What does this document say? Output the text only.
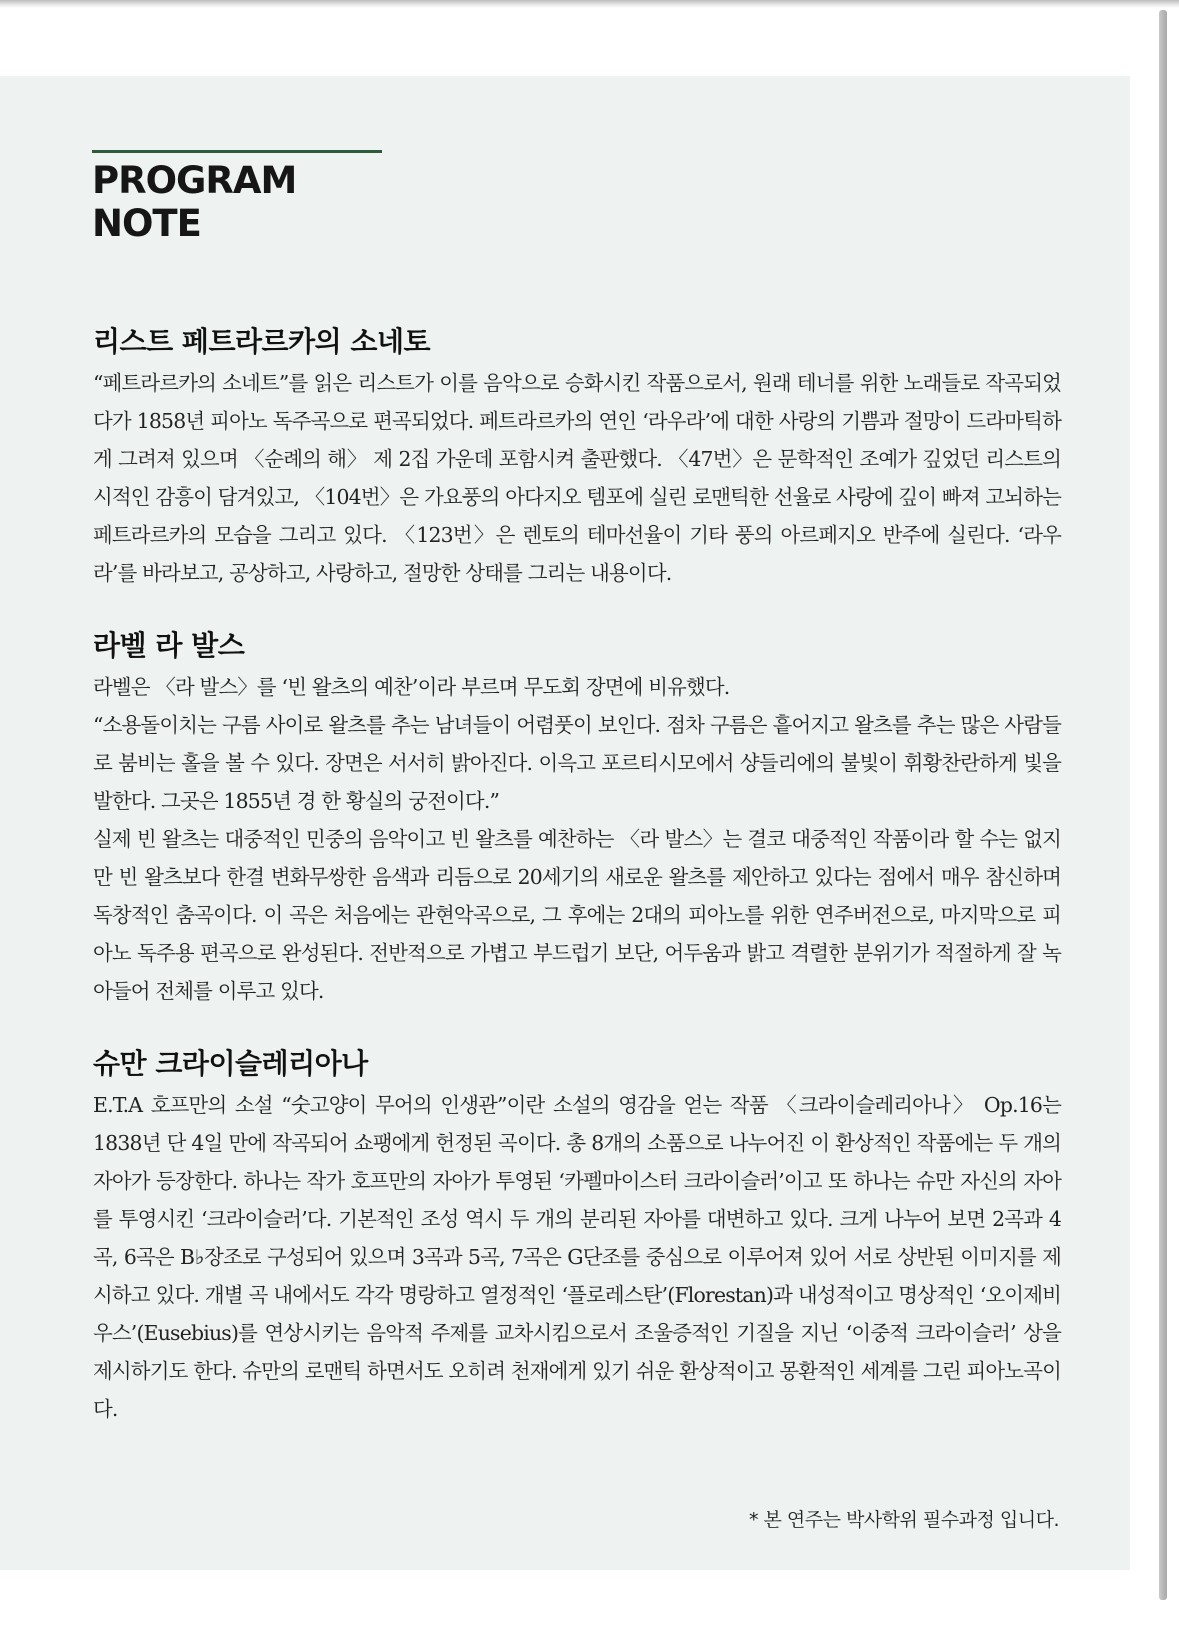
PROGRAM NOTE
리스트 페트라르카의 소네토

“페트라르카의 소네트”를 읽은 리스트가 이를 음악으로 승화시킨 작품으로서, 원래 테너를 위한 노래들로 작곡되었다가 1858년 피아노 독주곡으로 편곡되었다. 페트라르카의 연인 ‘라우라’에 대한 사랑의 기쁨과 절망이 드라마틱하게 그려져 있으며 〈순례의 해〉 제 2집 가운데 포함시켜 출판했다. 〈47번〉은 문학적인 조예가 깊었던 리스트의 시적인 감흥이 담겨있고, 〈104번〉은 가요풍의 아다지오 템포에 실린 로맨틱한 선율로 사랑에 깊이 빠져 고뇌하는 페트라르카의 모습을 그리고 있다. 〈123번〉은 렌토의 테마선율이 기타 풍의 아르페지오 반주에 실린다. ‘라우라’를 바라보고, 공상하고, 사랑하고, 절망한 상태를 그리는 내용이다.

라벨 라 발스

라벨은 〈라 발스〉를 ‘빈 왈츠의 예찬’이라 부르며 무도회 장면에 비유했다.

“소용돌이치는 구름 사이로 왈츠를 추는 남녀들이 어렴풋이 보인다. 점차 구름은 흩어지고 왈츠를 추는 많은 사람들로 붐비는 홀을 볼 수 있다. 장면은 서서히 밝아진다. 이윽고 포르티시모에서 샹들리에의 불빛이 휘황찬란하게 빛을 발한다. 그곳은 1855년 경 한 황실의 궁전이다.”

실제 빈 왈츠는 대중적인 민중의 음악이고 빈 왈츠를 예찬하는 〈라 발스〉는 결코 대중적인 작품이라 할 수는 없지만 빈 왈츠보다 한결 변화무쌍한 음색과 리듬으로 20세기의 새로운 왈츠를 제안하고 있다는 점에서 매우 참신하며 독창적인 춤곡이다. 이 곡은 처음에는 관현악곡으로, 그 후에는 2대의 피아노를 위한 연주버전으로, 마지막으로 피아노 독주용 편곡으로 완성된다. 전반적으로 가볍고 부드럽기 보단, 어두움과 밝고 격렬한 분위기가 적절하게 잘 녹아들어 전체를 이루고 있다.

슈만 크라이슬레리아나

E.T.A 호프만의 소설 “숫고양이 무어의 인생관”이란 소설의 영감을 얻는 작품 〈크라이슬레리아나〉 Op.16는 1838년 단 4일 만에 작곡되어 쇼팽에게 헌정된 곡이다. 총 8개의 소품으로 나누어진 이 환상적인 작품에는 두 개의 자아가 등장한다. 하나는 작가 호프만의 자아가 투영된 ‘카펠마이스터 크라이슬러’이고 또 하나는 슈만 자신의 자아를 투영시킨 ‘크라이슬러’다. 기본적인 조성 역시 두 개의 분리된 자아를 대변하고 있다. 크게 나누어 보면 2곡과 4곡, 6곡은 B♭장조로 구성되어 있으며 3곡과 5곡, 7곡은 G단조를 중심으로 이루어져 있어 서로 상반된 이미지를 제시하고 있다. 개별 곡 내에서도 각각 명랑하고 열정적인 ‘플로레스탄’(Florestan)과 내성적이고 명상적인 ‘오이제비우스’(Eusebius)를 연상시키는 음악적 주제를 교차시킴으로서 조울증적인 기질을 지닌 ‘이중적 크라이슬러’ 상을 제시하기도 한다. 슈만의 로맨틱 하면서도 오히려 천재에게 있기 쉬운 환상적이고 몽환적인 세계를 그린 피아노곡이다.

* 본 연주는 박사학위 필수과정 입니다.
